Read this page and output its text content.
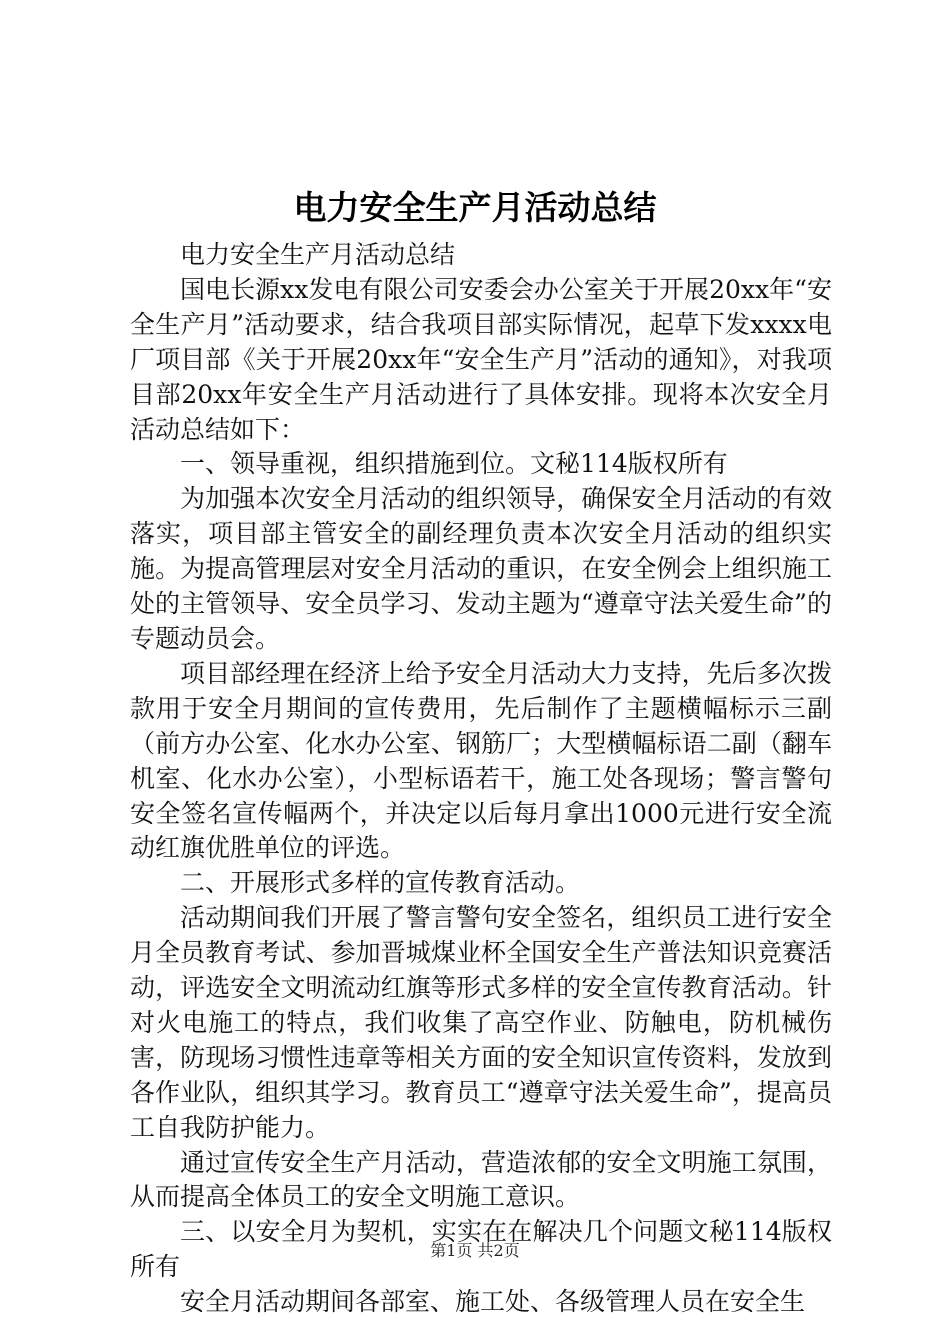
电力安全生产月活动总结

电力安全生产月活动总结

国电长源xx发电有限公司安委会办公室关于开展20xx年“安全生产月”活动要求，结合我项目部实际情况，起草下发xxxx电厂项目部《关于开展20xx年“安全生产月”活动的通知》，对我项目部20xx年安全生产月活动进行了具体安排。现将本次安全月活动总结如下：

一、领导重视，组织措施到位。文秘114版权所有

为加强本次安全月活动的组织领导，确保安全月活动的有效落实，项目部主管安全的副经理负责本次安全月活动的组织实施。为提高管理层对安全月活动的重识，在安全例会上组织施工处的主管领导、安全员学习、发动主题为“遵章守法关爱生命”的专题动员会。

项目部经理在经济上给予安全月活动大力支持，先后多次拨款用于安全月期间的宣传费用，先后制作了主题横幅标示三副（前方办公室、化水办公室、钢筋厂；大型横幅标语二副（翻车机室、化水办公室），小型标语若干，施工处各现场；警言警句安全签名宣传幅两个，并决定以后每月拿出1000元进行安全流动红旗优胜单位的评选。

二、开展形式多样的宣传教育活动。

活动期间我们开展了警言警句安全签名，组织员工进行安全月全员教育考试、参加晋城煤业杯全国安全生产普法知识竞赛活动，评选安全文明流动红旗等形式多样的安全宣传教育活动。针对火电施工的特点，我们收集了高空作业、防触电，防机械伤害，防现场习惯性违章等相关方面的安全知识宣传资料，发放到各作业队，组织其学习。教育员工“遵章守法关爱生命”，提高员工自我防护能力。

通过宣传安全生产月活动，营造浓郁的安全文明施工氛围，从而提高全体员工的安全文明施工意识。

三、以安全月为契机，实实在在解决几个问题文秘114版权所有

安全月活动期间各部室、施工处、各级管理人员在安全生

第1页 共2页
